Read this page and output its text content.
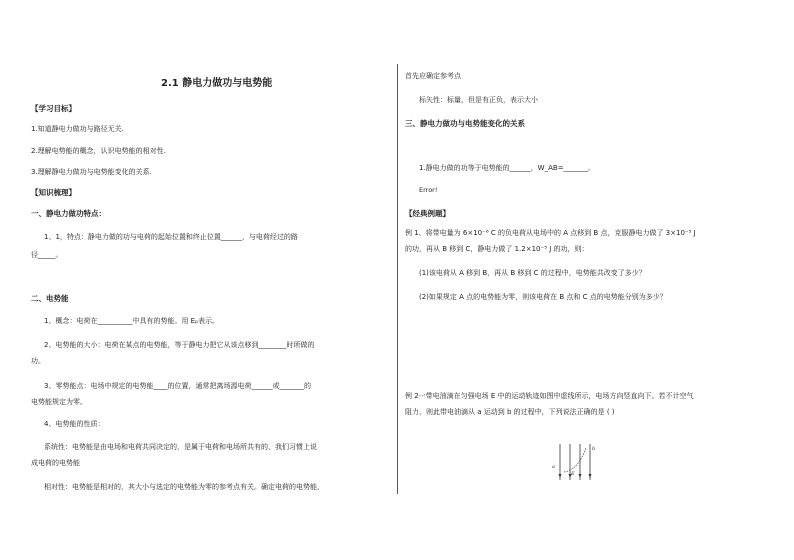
2.1 静电力做功与电势能
【学习目标】
1.知道静电力做功与路径无关.
2.理解电势能的概念，认识电势能的相对性.
3.理解静电力做功与电势能变化的关系.
【知识梳理】
一、静电力做功特点：
1、1，特点：静电力做的功与电荷的起始位置和终止位置______，与电荷经过的路
径_____。
二、电势能
1、概念：电荷在__________中具有的势能。用 Eₚ表示。
2、电势能的大小：电荷在某点的电势能，等于静电力把它从该点移到________时所做的
功。
3、零势能点：电场中规定的电势能____的位置，通常把离场源电荷______或_______的
电势能规定为零。
4、电势能的性质：
系统性：电势能是由电场和电荷共同决定的，是属于电荷和电场所共有的，我们习惯上说
成电荷的电势能
相对性：电势能是相对的，其大小与选定的电势能为零的参考点有关。确定电荷的电势能，
首先应确定参考点
标矢性：标量，但是有正负，表示大小
三、静电力做功与电势能变化的关系
1.静电力做的功等于电势能的______，W_AB=_______。
Error!
【经典例题】
例 1、将带电量为 6×10⁻⁶ C 的负电荷从电场中的 A 点移到 B 点，克服静电力做了 3×10⁻⁵ J
的功，再从 B 移到 C，静电力做了 1.2×10⁻⁵ J 的功，则：
(1)该电荷从 A 移到 B，再从 B 移到 C 的过程中，电势能共改变了多少？
(2)如果规定 A 点的电势能为零，则该电荷在 B 点和 C 点的电势能分别为多少？
例 2一带电油滴在匀强电场 E 中的运动轨迹如图中虚线所示，电场方向竖直向下。若不计空气
阻力，则此带电油滴从 a 运动到 b 的过程中，下列说法正确的是 ( )
a
b
E
